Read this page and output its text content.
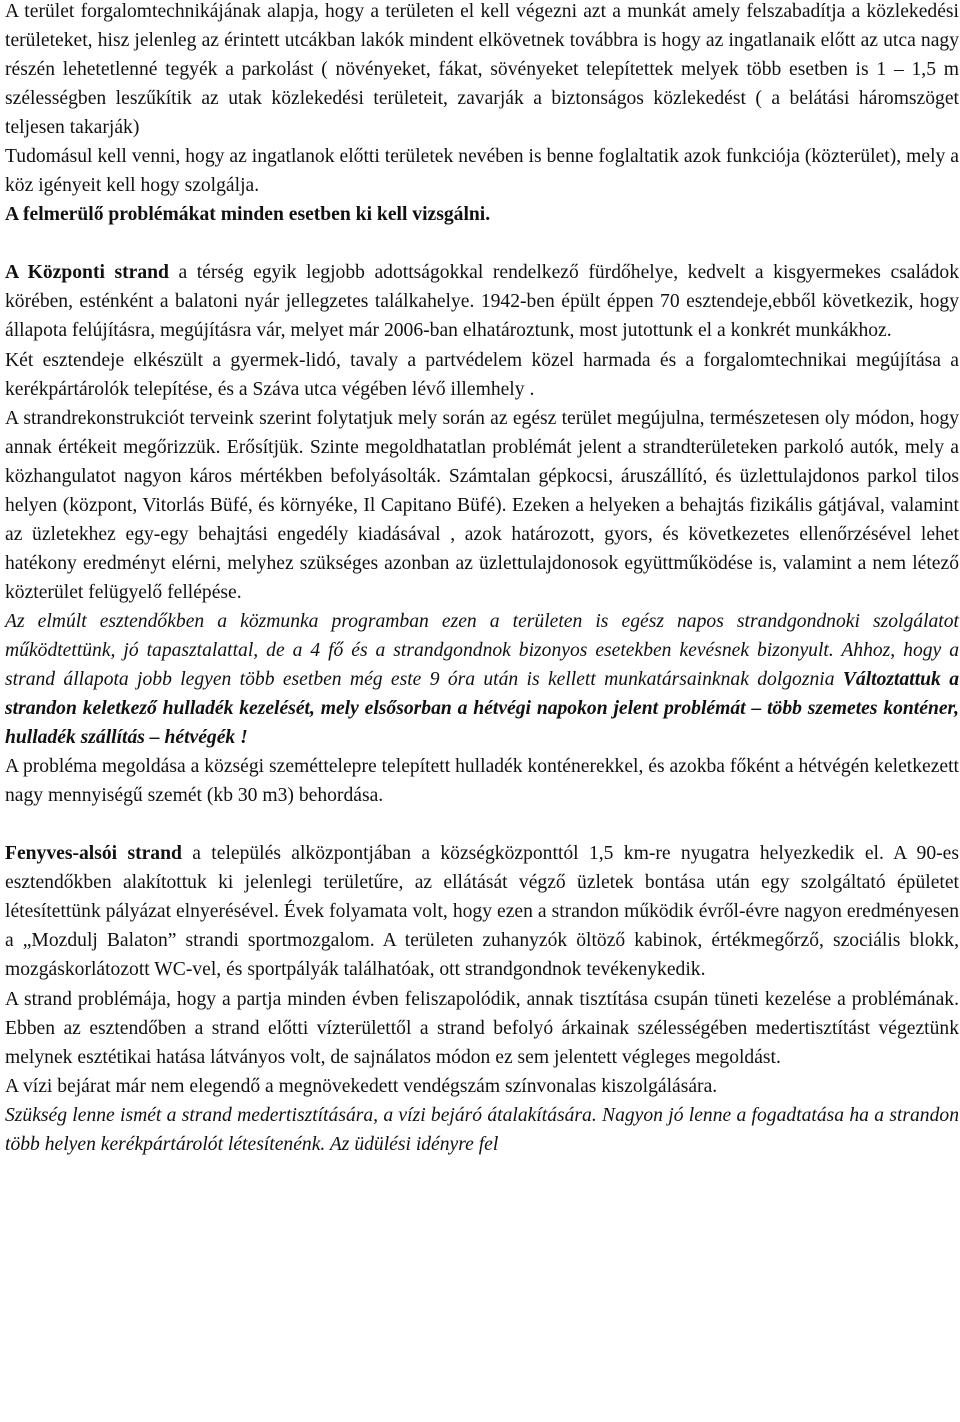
A terület forgalomtechnikájának alapja, hogy a területen el kell végezni azt a munkát amely felszabadítja a közlekedési területeket, hisz jelenleg az érintett utcákban lakók mindent elkövetnek továbbra is hogy az ingatlanaik előtt az utca nagy részén lehetetlenné tegyék a parkolást ( növényeket, fákat, sövényeket telepítettek melyek több esetben is 1 – 1,5 m szélességben leszűkítik az utak közlekedési területeit, zavarják a biztonságos közlekedést ( a belátási háromszöget teljesen takarják)

Tudomásul kell venni, hogy az ingatlanok előtti területek nevében is benne foglaltatik azok funkciója (közterület), mely a köz igényeit kell hogy szolgálja.

A felmerülő problémákat minden esetben ki kell vizsgálni.

A Központi strand a térség egyik legjobb adottságokkal rendelkező fürdőhelye, kedvelt a kisgyermekes családok körében, esténként a balatoni nyár jellegzetes találkahelye. 1942-ben épült éppen 70 esztendeje,ebből következik, hogy állapota felújításra, megújításra vár, melyet már 2006-ban elhatároztunk, most jutottunk el a konkrét munkákhoz.

Két esztendeje elkészült a gyermek-lidó, tavaly a partvédelem közel harmada és a forgalomtechnikai megújítása a kerékpártárolók telepítése, és a Száva utca végében lévő illemhely .

A strandrekonstrukciót terveink szerint folytatjuk mely során az egész terület megújulna, természetesen oly módon, hogy annak értékeit megőrizzük. Erősítjük. Szinte megoldhatatlan problémát jelent a strandterületeken parkoló autók, mely a közhangulatot nagyon káros mértékben befolyásolták. Számtalan gépkocsi, áruszállító, és üzlettulajdonos parkol tilos helyen (központ, Vitorlás Büfé, és környéke, Il Capitano Büfé). Ezeken a helyeken a behajtás fizikális gátjával, valamint az üzletekhez egy-egy behajtási engedély kiadásával , azok határozott, gyors, és következetes ellenőrzésével lehet hatékony eredményt elérni, melyhez szükséges azonban az üzlettulajdonosok együttműködése is, valamint a nem létező közterület felügyelő fellépése.

Az elmúlt esztendőkben a közmunka programban ezen a területen is egész napos strandgondnoki szolgálatot működtettünk, jó tapasztalattal, de a 4 fő és a strandgondnok bizonyos esetekben kevésnek bizonyult. Ahhoz, hogy a strand állapota jobb legyen több esetben még este 9 óra után is kellett munkatársainknak dolgoznia Változtattuk a strandon keletkező hulladék kezelését, mely elsősorban a hétvégi napokon jelent problémát – több szemetes konténer, hulladék szállítás – hétvégék !

A probléma megoldása a községi szeméttelepre telepített hulladék konténerekkel, és azokba főként a hétvégén keletkezett nagy mennyiségű szemét (kb 30 m3) behordása.

Fenyves-alsói strand a település alközpontjában a községközponttól 1,5 km-re nyugatra helyezkedik el. A 90-es esztendőkben alakítottuk ki jelenlegi területűre, az ellátását végző üzletek bontása után egy szolgáltató épületet létesítettünk pályázat elnyerésével. Évek folyamata volt, hogy ezen a strandon működik évről-évre nagyon eredményesen a „Mozdulj Balaton” strandi sportmozgalom. A területen zuhanyzók öltöző kabinok, értékmegőrző, szociális blokk, mozgáskorlátozott WC-vel, és sportpályák találhatóak, ott strandgondnok tevékenykedik.

A strand problémája, hogy a partja minden évben feliszapolódik, annak tisztítása csupán tüneti kezelése a problémának. Ebben az esztendőben a strand előtti vízterülettől a strand befolyó árkainak szélességében medertisztítást végeztünk melynek esztétikai hatása látványos volt, de sajnálatos módon ez sem jelentett végleges megoldást.

A vízi bejárat már nem elegendő a megnövekedett vendégszám színvonalas kiszolgálására.

Szükség lenne ismét a strand medertisztítására, a vízi bejáró átalakítására. Nagyon jó lenne a fogadtatása ha a strandon több helyen kerékpártárolót létesítenénk. Az üdülési idényre fel
